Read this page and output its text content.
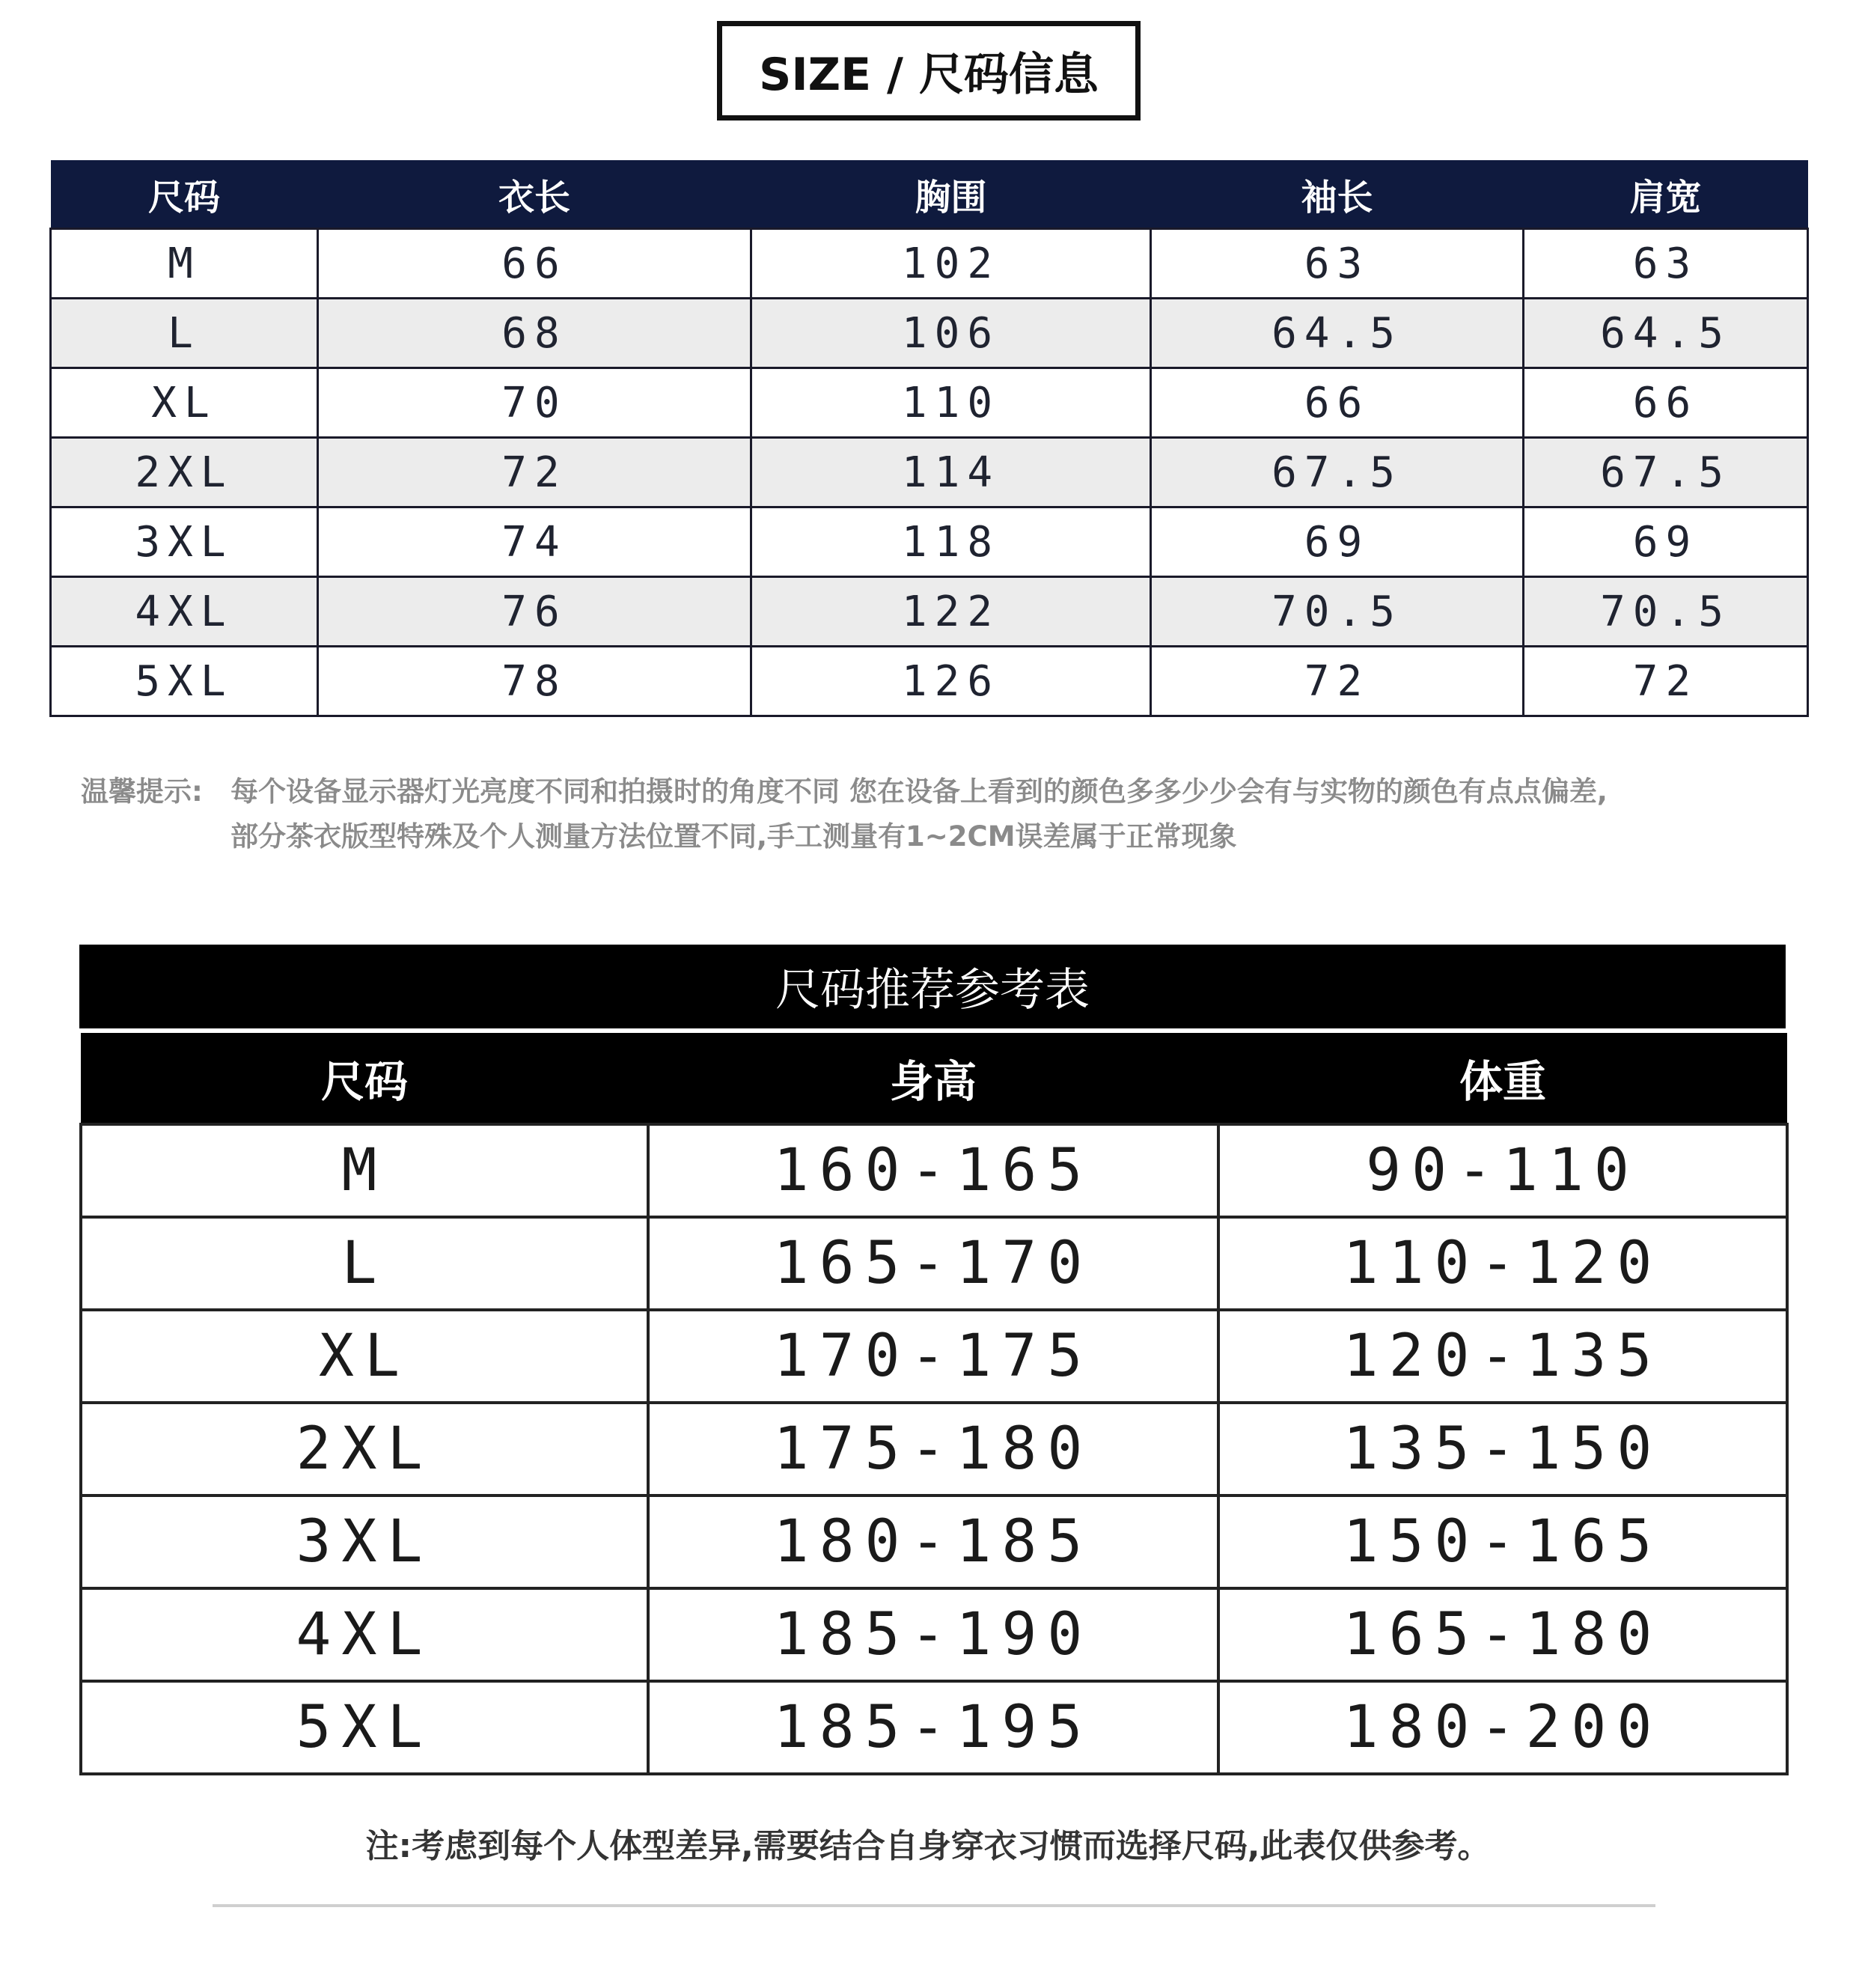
SIZE / 尺码信息
尺码	衣长	胸围	袖长	肩宽
M	66	102	63	63
L	68	106	64.5	64.5
XL	70	110	66	66
2XL	72	114	67.5	67.5
3XL	74	118	69	69
4XL	76	122	70.5	70.5
5XL	78	126	72	72
温馨提示: 每个设备显示器灯光亮度不同和拍摄时的角度不同 您在设备上看到的颜色多多少少会有与实物的颜色有点点偏差,
部分茶衣版型特殊及个人测量方法位置不同,手工测量有1~2CM误差属于正常现象
尺码推荐参考表
尺码	身高	体重
M	160-165	90-110
L	165-170	110-120
XL	170-175	120-135
2XL	175-180	135-150
3XL	180-185	150-165
4XL	185-190	165-180
5XL	185-195	180-200
注:考虑到每个人体型差异,需要结合自身穿衣习惯而选择尺码,此表仅供参考。
